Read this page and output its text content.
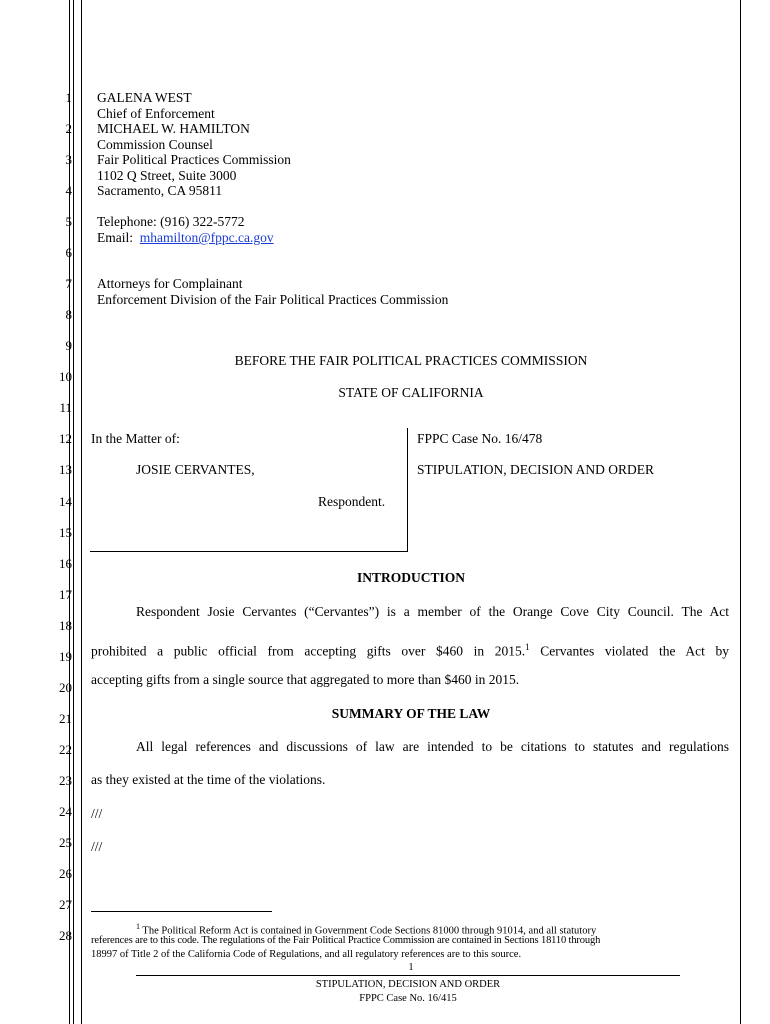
1
2
3
4
5
6
7
8
9
10
11
12
13
14
15
16
17
18
19
20
21
22
23
24
25
26
27
28
GALENA WEST
Chief of Enforcement
MICHAEL W. HAMILTON
Commission Counsel
Fair Political Practices Commission
1102 Q Street, Suite 3000
Sacramento, CA 95811
Telephone: (916) 322-5772
Email: mhamilton@fppc.ca.gov
Attorneys for Complainant
Enforcement Division of the Fair Political Practices Commission
BEFORE THE FAIR POLITICAL PRACTICES COMMISSION
STATE OF CALIFORNIA
In the Matter of:
JOSIE CERVANTES,
Respondent.
FPPC Case No. 16/478
STIPULATION, DECISION AND ORDER
INTRODUCTION
Respondent Josie Cervantes (“Cervantes”) is a member of the Orange Cove City Council. The Act
prohibited a public official from accepting gifts over $460 in 2015.$^1$ Cervantes violated the Act by
accepting gifts from a single source that aggregated to more than $460 in 2015.
SUMMARY OF THE LAW
All legal references and discussions of law are intended to be citations to statutes and regulations
as they existed at the time of the violations.
///
///
$^1$ The Political Reform Act is contained in Government Code Sections 81000 through 91014, and all statutory
references are to this code. The regulations of the Fair Political Practice Commission are contained in Sections 18110 through
18997 of Title 2 of the California Code of Regulations, and all regulatory references are to this source.
1
STIPULATION, DECISION AND ORDER
FPPC Case No. 16/415
